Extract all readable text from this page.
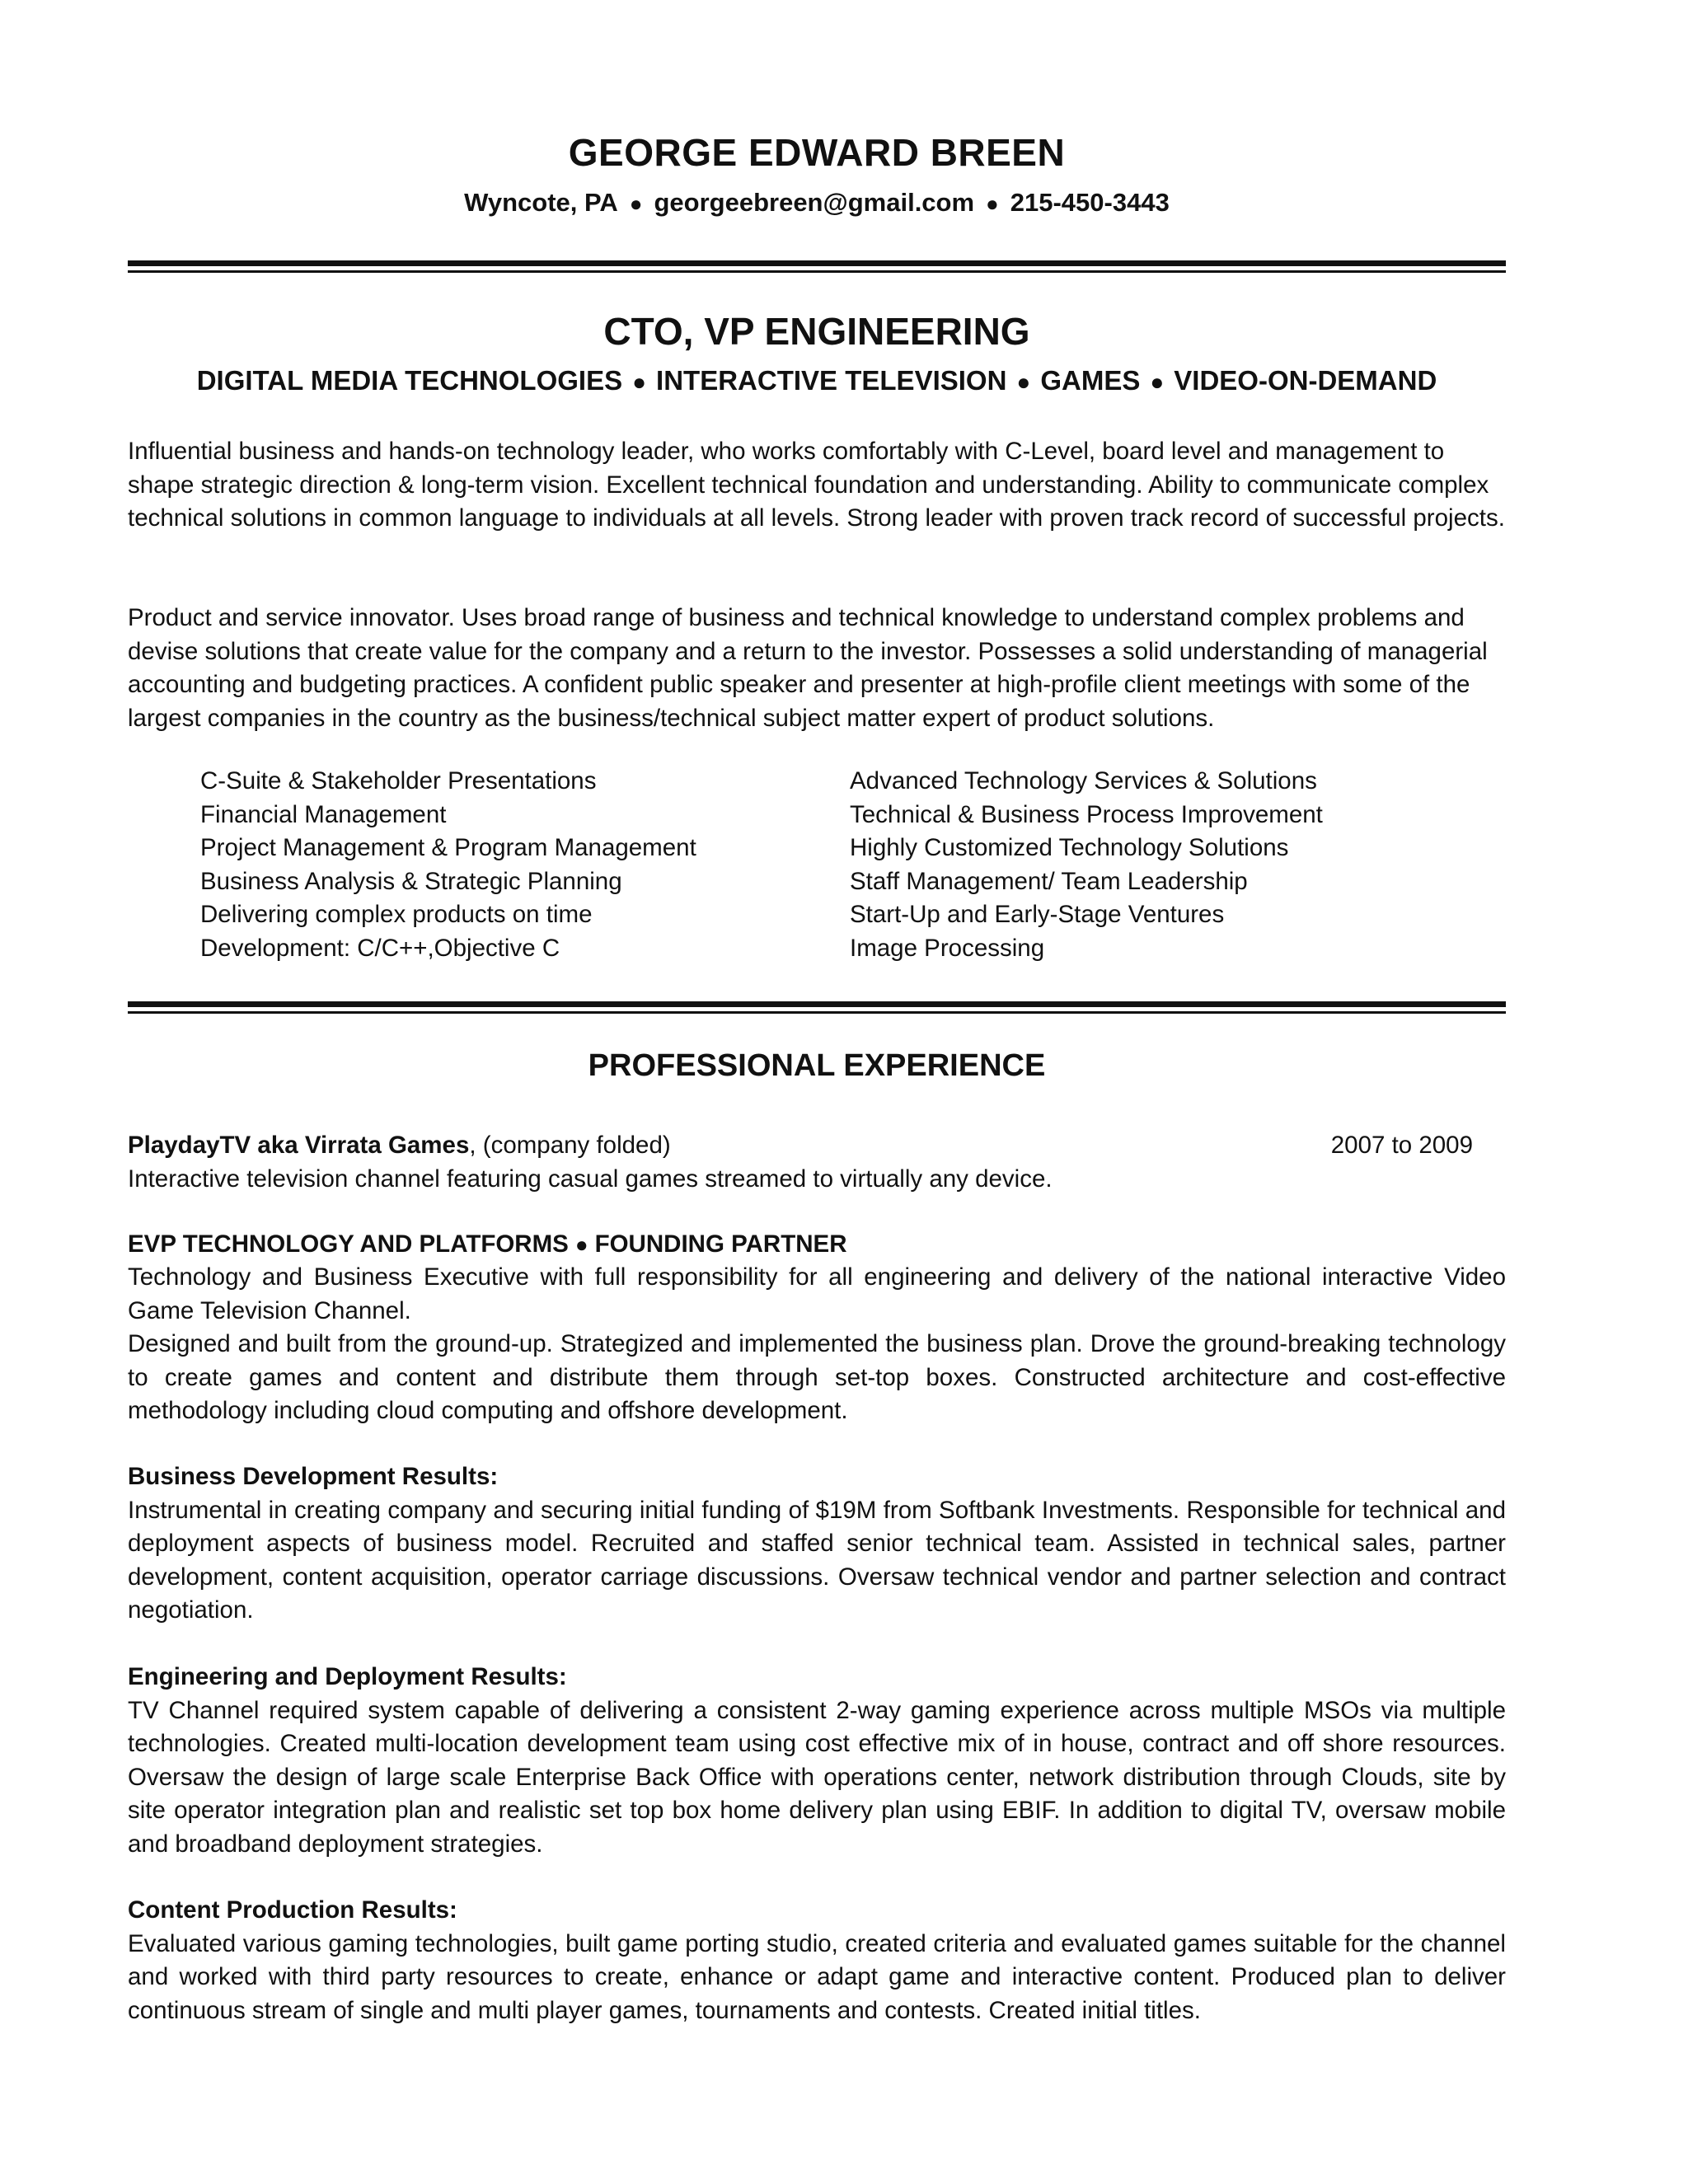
GEORGE EDWARD BREEN
Wyncote, PA ● georgeebreen@gmail.com ● 215-450-3443
CTO, VP ENGINEERING
DIGITAL MEDIA TECHNOLOGIES ● INTERACTIVE TELEVISION ● GAMES ● VIDEO-ON-DEMAND
Influential business and hands-on technology leader, who works comfortably with C-Level, board level and management to shape strategic direction & long-term vision. Excellent technical foundation and understanding. Ability to communicate complex technical solutions in common language to individuals at all levels. Strong leader with proven track record of successful projects.
Product and service innovator. Uses broad range of business and technical knowledge to understand complex problems and devise solutions that create value for the company and a return to the investor. Possesses a solid understanding of managerial accounting and budgeting practices. A confident public speaker and presenter at high-profile client meetings with some of the largest companies in the country as the business/technical subject matter expert of product solutions.
C-Suite & Stakeholder Presentations
Financial Management
Project Management & Program Management
Business Analysis & Strategic Planning
Delivering complex products on time
Development: C/C++,Objective C
Advanced Technology Services & Solutions
Technical & Business Process Improvement
Highly Customized Technology Solutions
Staff Management/ Team Leadership
Start-Up and Early-Stage Ventures
Image Processing
PROFESSIONAL EXPERIENCE
PlaydayTV aka Virrata Games, (company folded)	2007 to 2009
Interactive television channel featuring casual games streamed to virtually any device.
EVP TECHNOLOGY AND PLATFORMS ● FOUNDING PARTNER
Technology and Business Executive with full responsibility for all engineering and delivery of the national interactive Video Game Television Channel.
Designed and built from the ground-up. Strategized and implemented the business plan. Drove the ground-breaking technology to create games and content and distribute them through set-top boxes. Constructed architecture and cost-effective methodology including cloud computing and offshore development.
Business Development Results:
Instrumental in creating company and securing initial funding of $19M from Softbank Investments. Responsible for technical and deployment aspects of business model. Recruited and staffed senior technical team. Assisted in technical sales, partner development, content acquisition, operator carriage discussions. Oversaw technical vendor and partner selection and contract negotiation.
Engineering and Deployment Results:
TV Channel required system capable of delivering a consistent 2-way gaming experience across multiple MSOs via multiple technologies. Created multi-location development team using cost effective mix of in house, contract and off shore resources. Oversaw the design of large scale Enterprise Back Office with operations center, network distribution through Clouds, site by site operator integration plan and realistic set top box home delivery plan using EBIF. In addition to digital TV, oversaw mobile and broadband deployment strategies.
Content Production Results:
Evaluated various gaming technologies, built game porting studio, created criteria and evaluated games suitable for the channel and worked with third party resources to create, enhance or adapt game and interactive content. Produced plan to deliver continuous stream of single and multi player games, tournaments and contests. Created initial titles.
